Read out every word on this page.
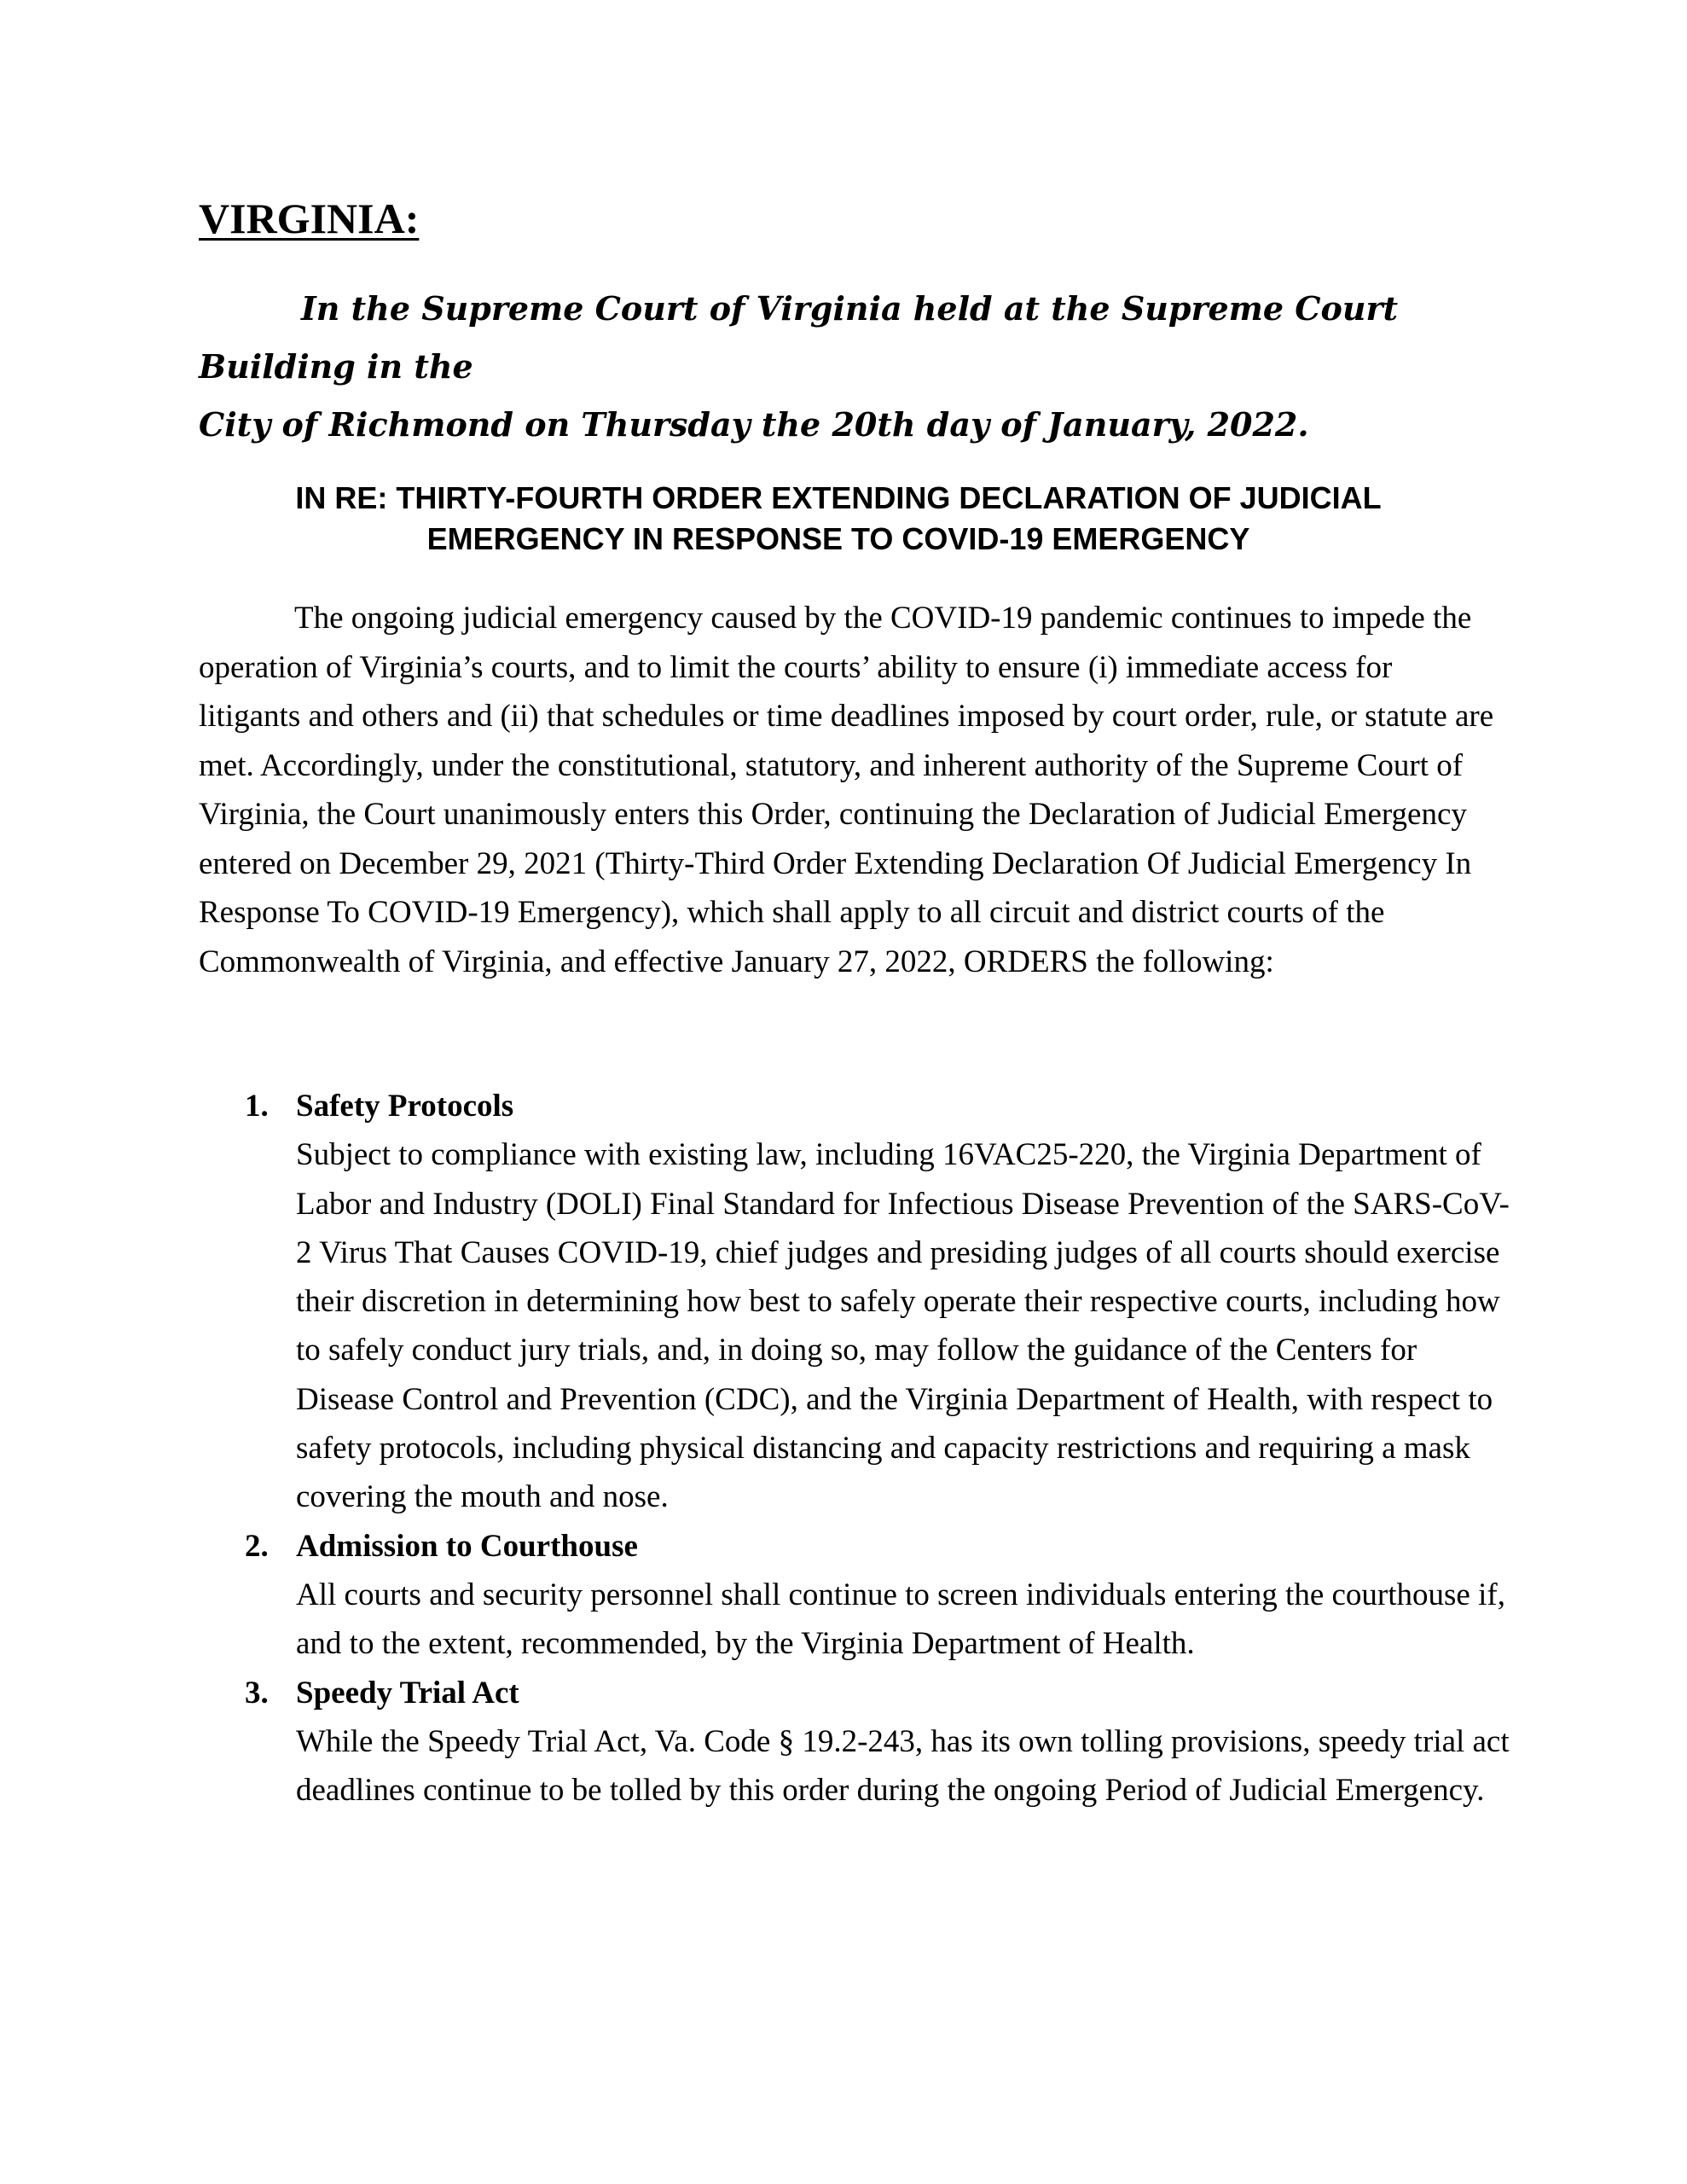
VIRGINIA:

In the Supreme Court of Virginia held at the Supreme Court Building in the
City of Richmond on Thursday the 20th day of January, 2022.

IN RE: THIRTY-FOURTH ORDER EXTENDING DECLARATION OF JUDICIAL
EMERGENCY IN RESPONSE TO COVID-19 EMERGENCY

The ongoing judicial emergency caused by the COVID-19 pandemic continues to impede the operation of Virginia’s courts, and to limit the courts’ ability to ensure (i) immediate access for litigants and others and (ii) that schedules or time deadlines imposed by court order, rule, or statute are met. Accordingly, under the constitutional, statutory, and inherent authority of the Supreme Court of Virginia, the Court unanimously enters this Order, continuing the Declaration of Judicial Emergency entered on December 29, 2021 (Thirty-Third Order Extending Declaration Of Judicial Emergency In Response To COVID-19 Emergency), which shall apply to all circuit and district courts of the Commonwealth of Virginia, and effective January 27, 2022, ORDERS the following:

1. Safety Protocols
Subject to compliance with existing law, including 16VAC25-220, the Virginia Department of Labor and Industry (DOLI) Final Standard for Infectious Disease Prevention of the SARS-CoV-2 Virus That Causes COVID-19, chief judges and presiding judges of all courts should exercise their discretion in determining how best to safely operate their respective courts, including how to safely conduct jury trials, and, in doing so, may follow the guidance of the Centers for Disease Control and Prevention (CDC), and the Virginia Department of Health, with respect to safety protocols, including physical distancing and capacity restrictions and requiring a mask covering the mouth and nose.
2. Admission to Courthouse
All courts and security personnel shall continue to screen individuals entering the courthouse if, and to the extent, recommended, by the Virginia Department of Health.
3. Speedy Trial Act
While the Speedy Trial Act, Va. Code § 19.2-243, has its own tolling provisions, speedy trial act deadlines continue to be tolled by this order during the ongoing Period of Judicial Emergency.
